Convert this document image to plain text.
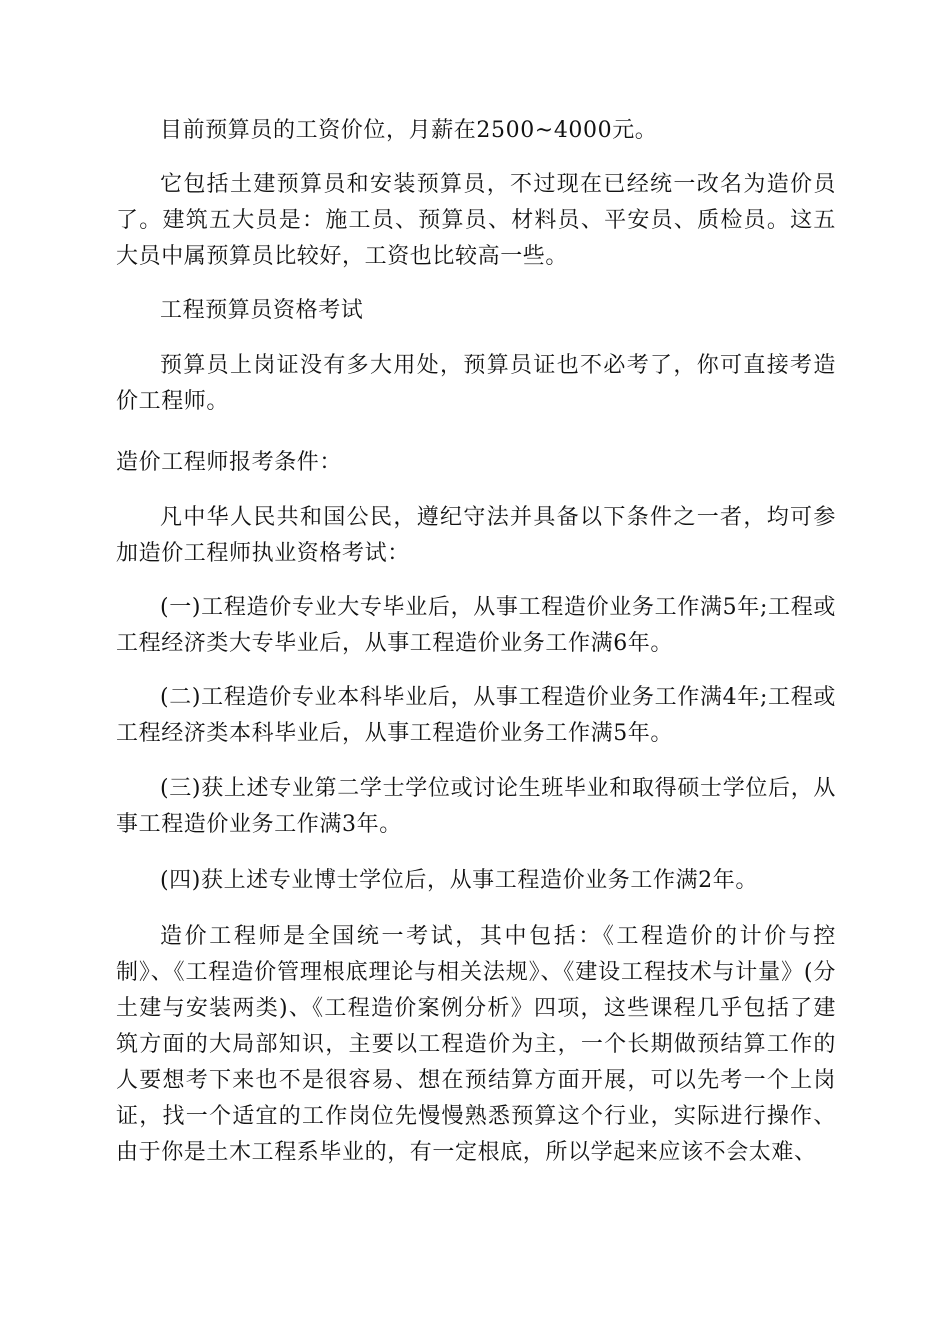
目前预算员的工资价位，月薪在2500~4000元。

它包括土建预算员和安装预算员，不过现在已经统一改名为造价员了。建筑五大员是：施工员、预算员、材料员、平安员、质检员。这五大员中属预算员比较好，工资也比较高一些。

工程预算员资格考试

预算员上岗证没有多大用处，预算员证也不必考了，你可直接考造价工程师。

造价工程师报考条件：

凡中华人民共和国公民，遵纪守法并具备以下条件之一者，均可参加造价工程师执业资格考试：

(一)工程造价专业大专毕业后，从事工程造价业务工作满5年;工程或工程经济类大专毕业后，从事工程造价业务工作满6年。

(二)工程造价专业本科毕业后，从事工程造价业务工作满4年;工程或工程经济类本科毕业后，从事工程造价业务工作满5年。

(三)获上述专业第二学士学位或讨论生班毕业和取得硕士学位后，从事工程造价业务工作满3年。

(四)获上述专业博士学位后，从事工程造价业务工作满2年。

造价工程师是全国统一考试，其中包括：《工程造价的计价与控制》、《工程造价管理根底理论与相关法规》、《建设工程技术与计量》(分土建与安装两类)、《工程造价案例分析》四项，这些课程几乎包括了建筑方面的大局部知识，主要以工程造价为主，一个长期做预结算工作的人要想考下来也不是很容易、想在预结算方面开展，可以先考一个上岗证，找一个适宜的工作岗位先慢慢熟悉预算这个行业，实际进行操作、由于你是土木工程系毕业的，有一定根底，所以学起来应该不会太难、
